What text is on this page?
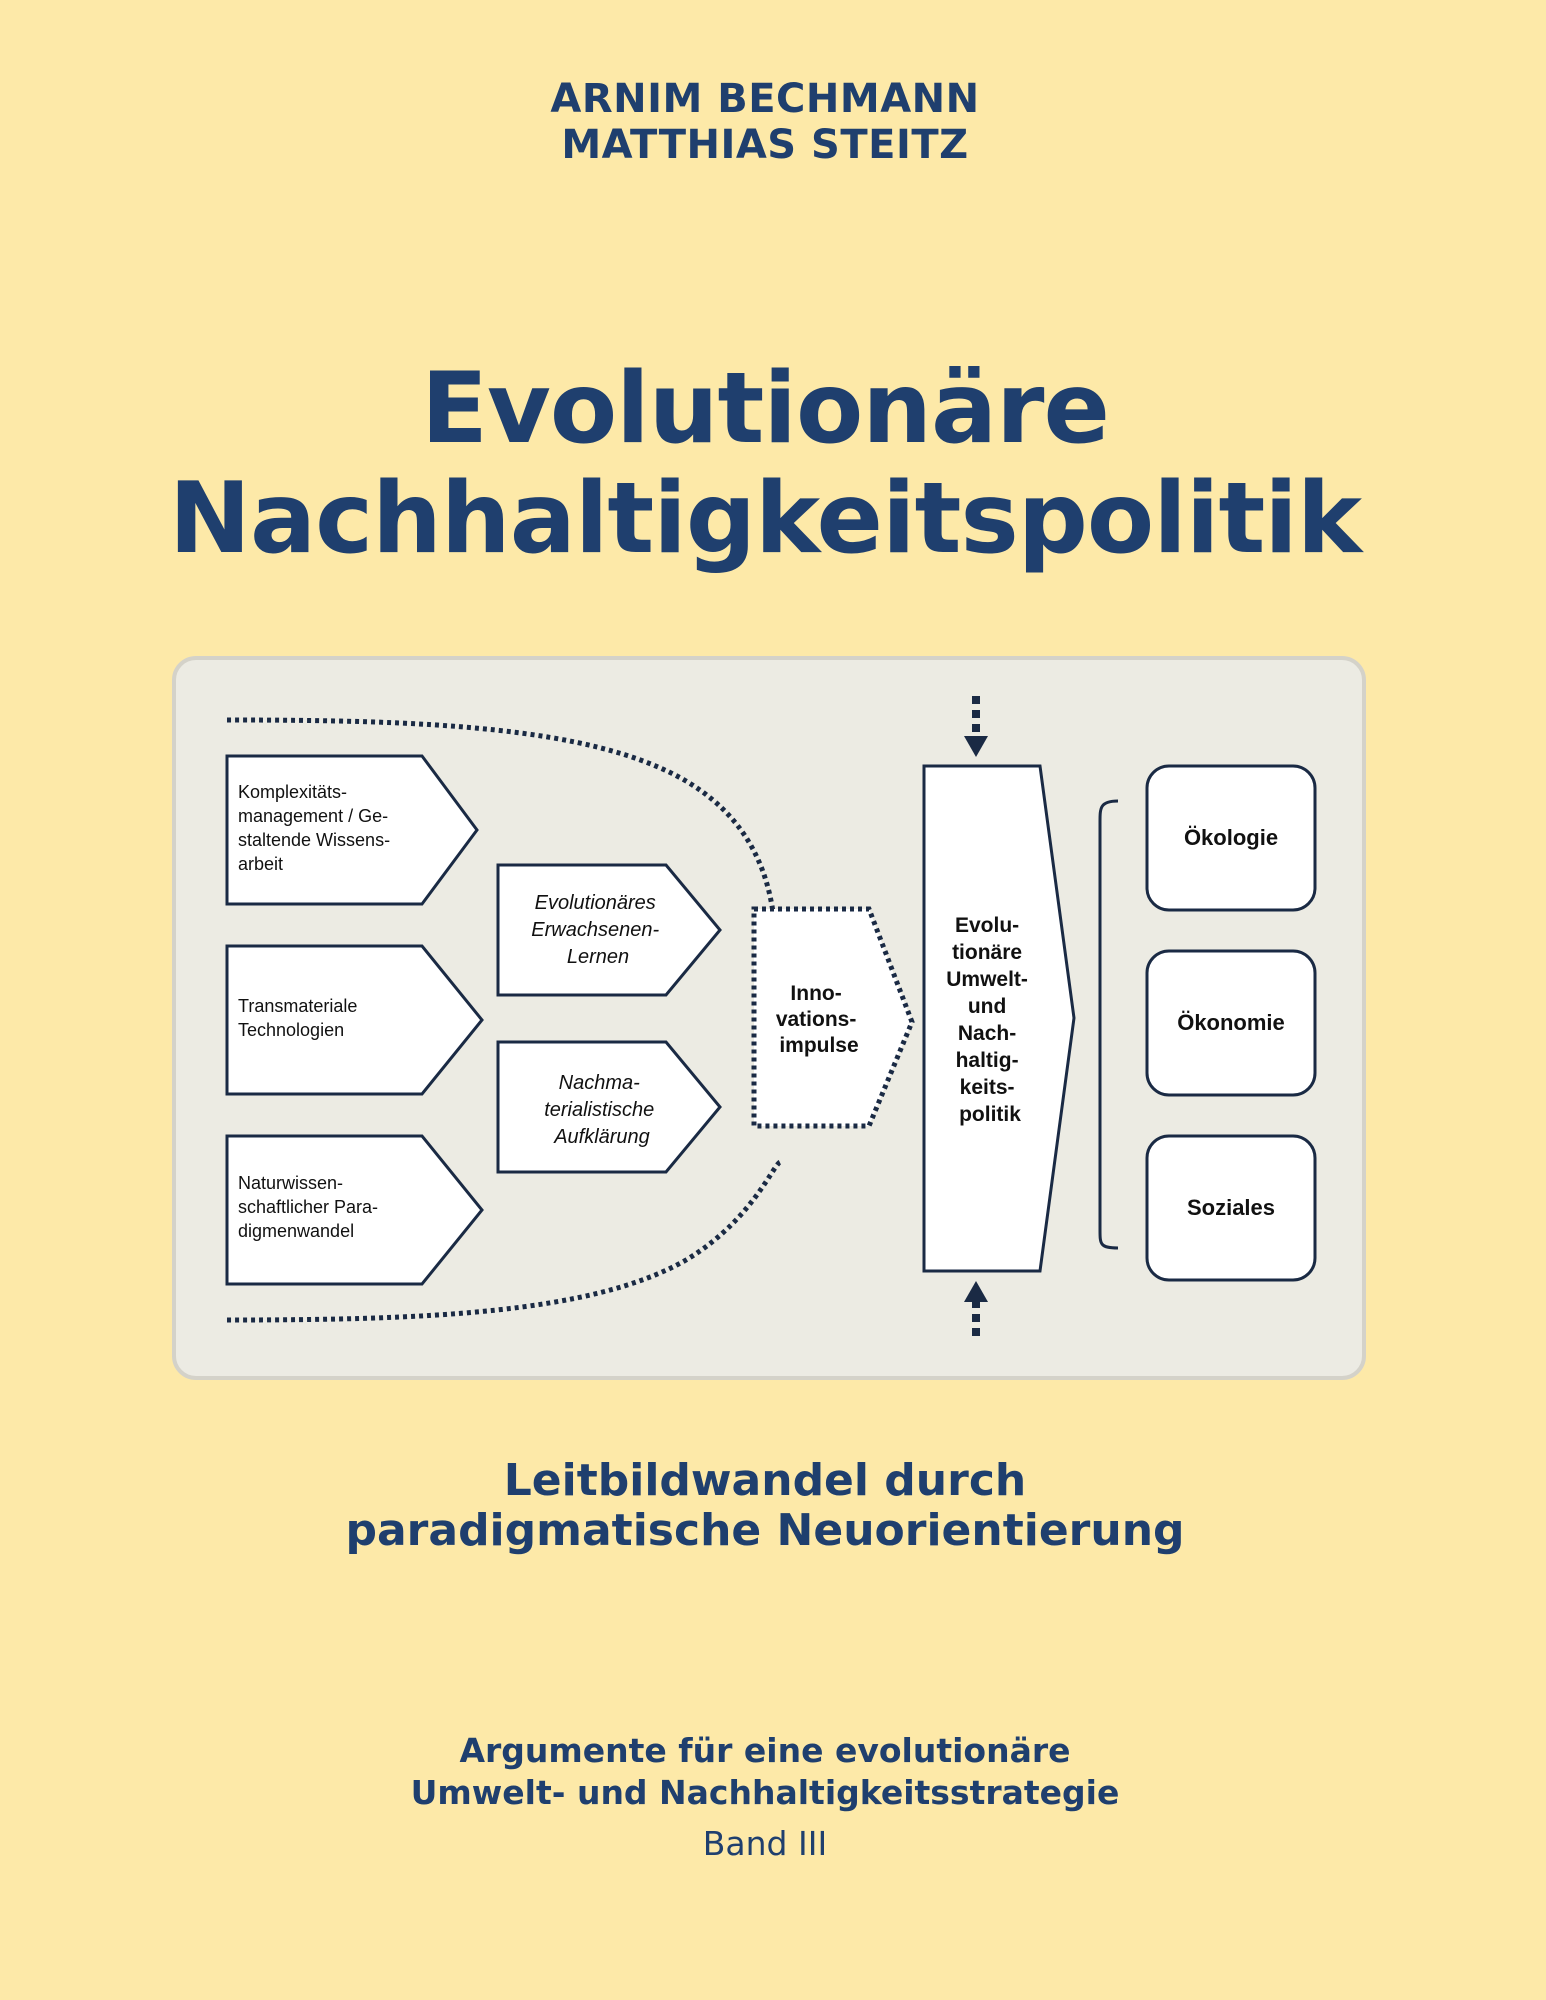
ARNIM BECHMANN
MATTHIAS STEITZ
Evolutionäre
Nachhaltigkeitspolitik
Komplexitäts- management / Ge- staltende Wissens- arbeit
Transmateriale Technologien
Naturwissen- schaftlicher Para- digmenwandel
Evolutionäres Erwachsenen- Lernen
Nachma- terialistische Aufklärung
Inno- vations- impulse
Evolu- tionäre Umwelt- und Nach- haltig- keits- politik
Ökologie
Ökonomie
Soziales
Leitbildwandel durch
paradigmatische Neuorientierung
Argumente für eine evolutionäre
Umwelt- und Nachhaltigkeitsstrategie
Band III
